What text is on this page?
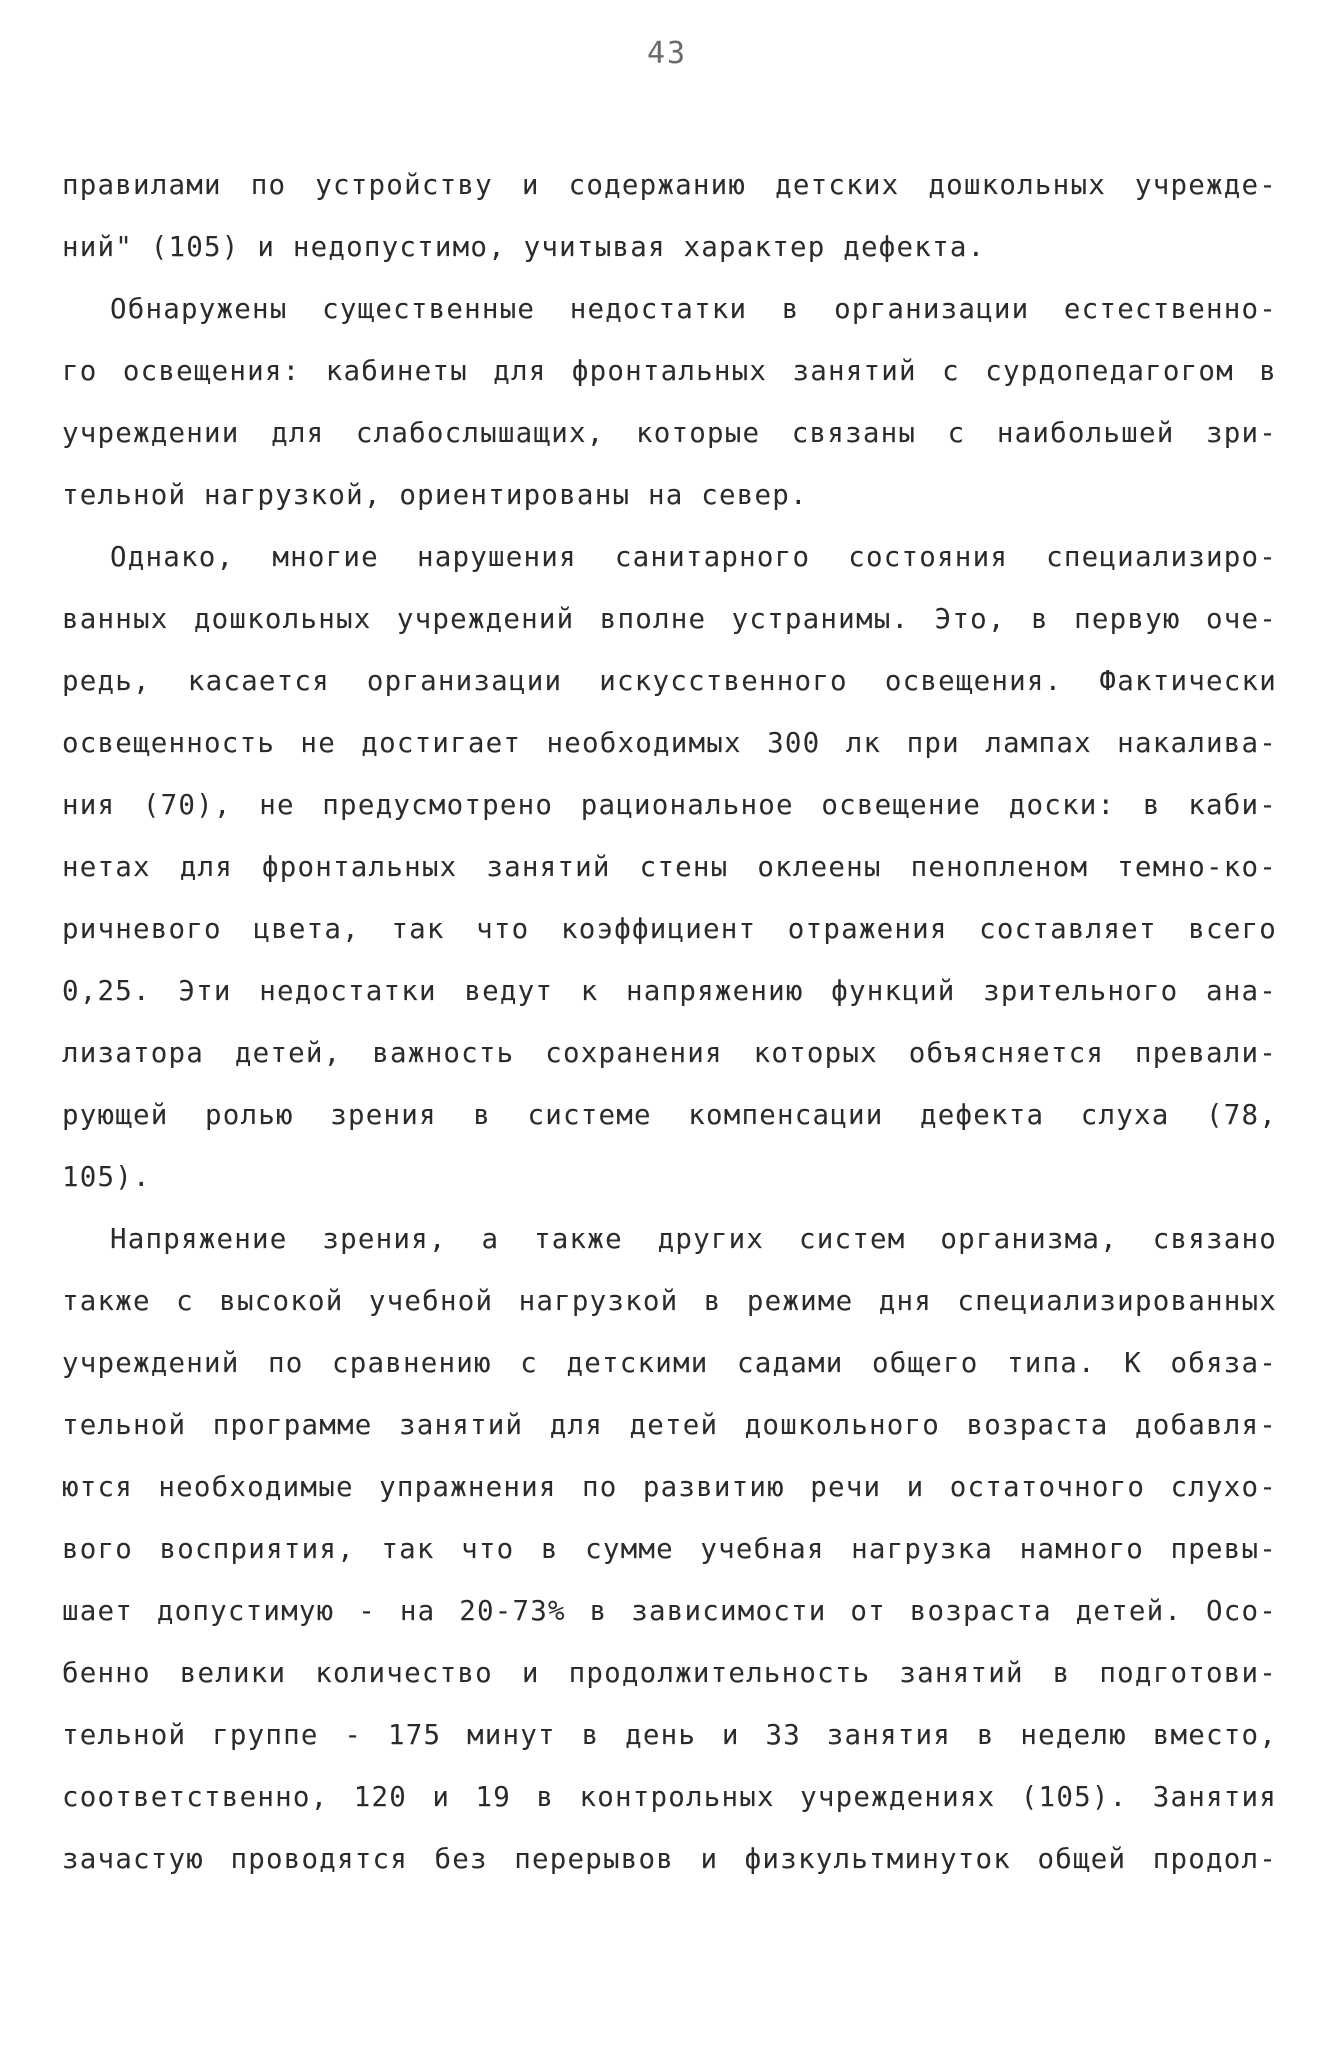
43
правилами по устройству и содержанию детских дошкольных учрежде-
ний" (105) и недопустимо, учитывая характер дефекта.
Обнаружены существенные недостатки в организации естественно-
го освещения: кабинеты для фронтальных занятий с сурдопедагогом в
учреждении для слабослышащих, которые связаны с наибольшей зри-
тельной нагрузкой, ориентированы на север.
Однако, многие нарушения санитарного состояния специализиро-
ванных дошкольных учреждений вполне устранимы. Это, в первую оче-
редь, касается организации искусственного освещения. Фактически
освещенность не достигает необходимых 300 лк при лампах накалива-
ния (70), не предусмотрено рациональное освещение доски: в каби-
нетах для фронтальных занятий стены оклеены пенопленом темно-ко-
ричневого цвета, так что коэффициент отражения составляет всего
0,25. Эти недостатки ведут к напряжению функций зрительного ана-
лизатора детей, важность сохранения которых объясняется превали-
рующей ролью зрения в системе компенсации дефекта слуха (78,
105).
Напряжение зрения, а также других систем организма, связано
также с высокой учебной нагрузкой в режиме дня специализированных
учреждений по сравнению с детскими садами общего типа. К обяза-
тельной программе занятий для детей дошкольного возраста добавля-
ются необходимые упражнения по развитию речи и остаточного слухо-
вого восприятия, так что в сумме учебная нагрузка намного превы-
шает допустимую - на 20-73% в зависимости от возраста детей. Осо-
бенно велики количество и продолжительность занятий в подготови-
тельной группе - 175 минут в день и 33 занятия в неделю вместо,
соответственно, 120 и 19 в контрольных учреждениях (105). Занятия
зачастую проводятся без перерывов и физкультминуток общей продол-
